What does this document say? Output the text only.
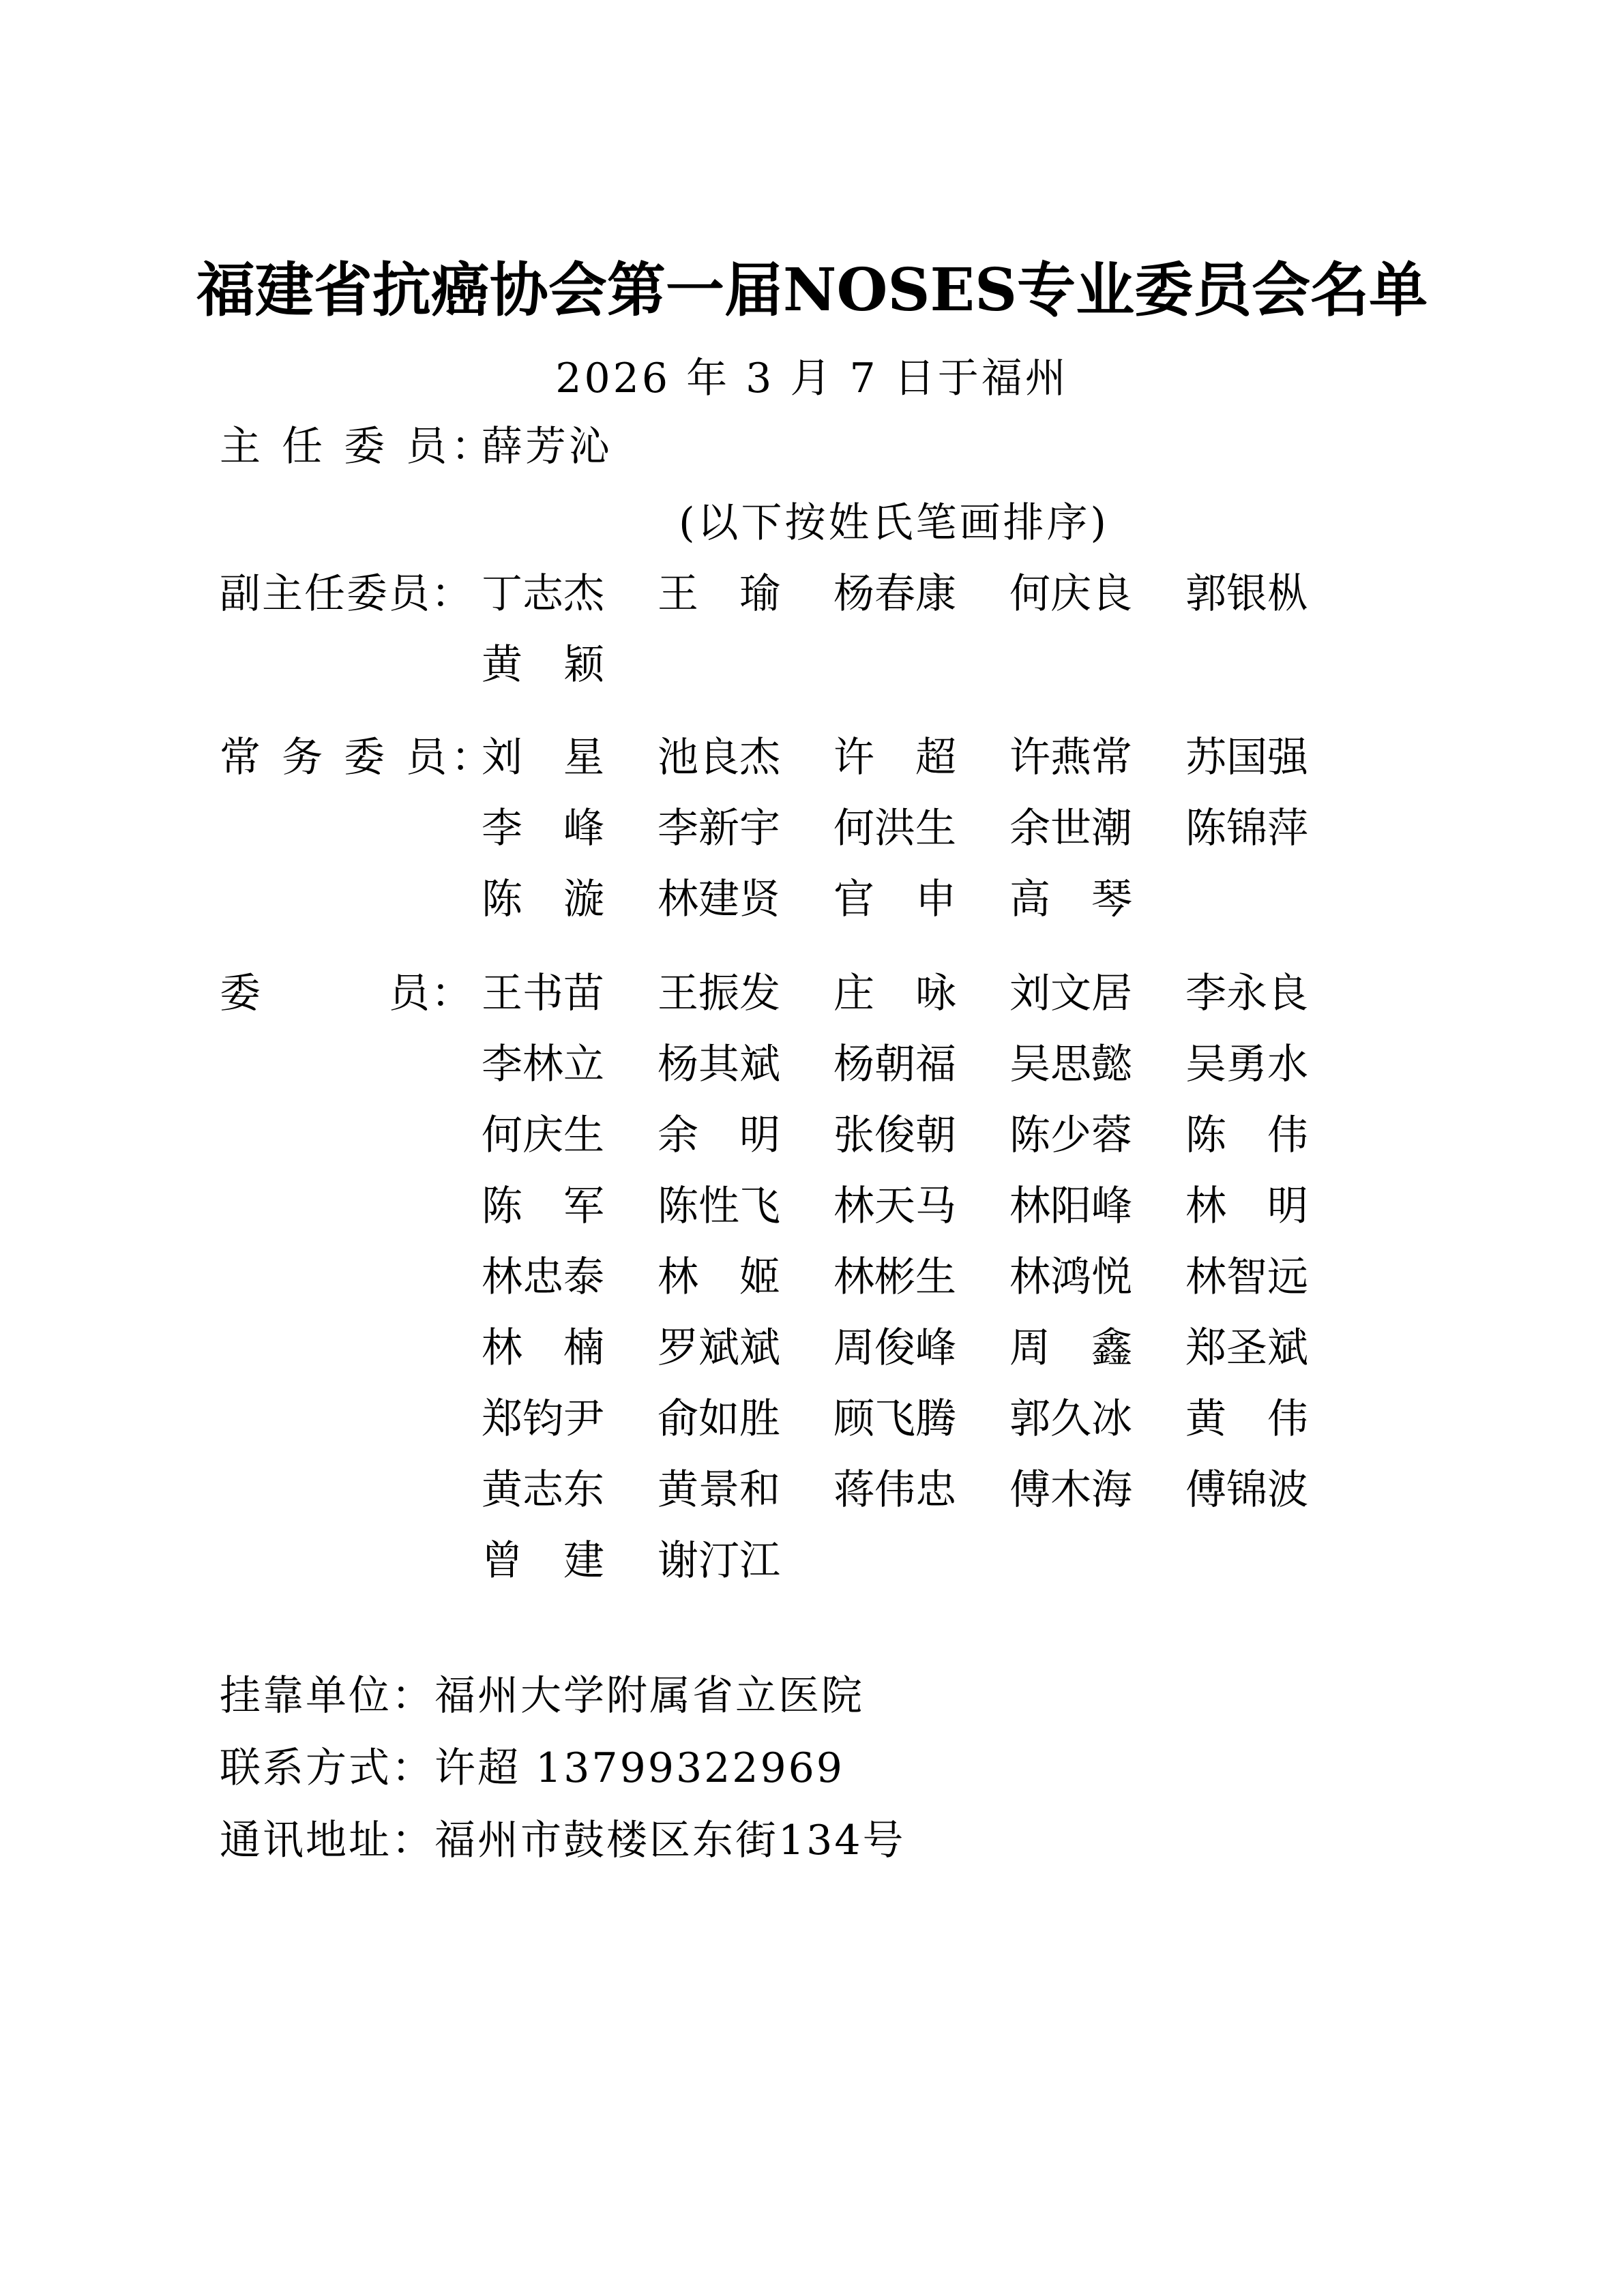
福建省抗癌协会第一届NOSES专业委员会名单
2026 年 3 月 7 日于福州
主 任 委 员：薛芳沁
(以下按姓氏笔画排序)
副主任委员： 丁志杰 王　瑜 杨春康 何庆良 郭银枞
黄　颖
常 务 委 员：
刘　星 池良杰 许　超 许燕常 苏国强
李　峰 李新宇 何洪生 余世潮 陈锦萍
陈　漩 林建贤 官　申 高　琴
委　　　员： 王书苗 王振发 庄　咏 刘文居 李永良
李林立 杨其斌 杨朝福 吴思懿 吴勇水
何庆生 余　明 张俊朝 陈少蓉 陈　伟
陈　军 陈性飞 林天马 林阳峰 林　明
林忠泰 林　姬 林彬生 林鸿悦 林智远
林　楠 罗斌斌 周俊峰 周　鑫 郑圣斌
郑钧尹 俞如胜 顾飞腾 郭久冰 黄　伟
黄志东 黄景和 蒋伟忠 傅木海 傅锦波
曾　建 谢汀江
挂靠单位：福州大学附属省立医院
联系方式：许超 13799322969
通讯地址：福州市鼓楼区东街134号
